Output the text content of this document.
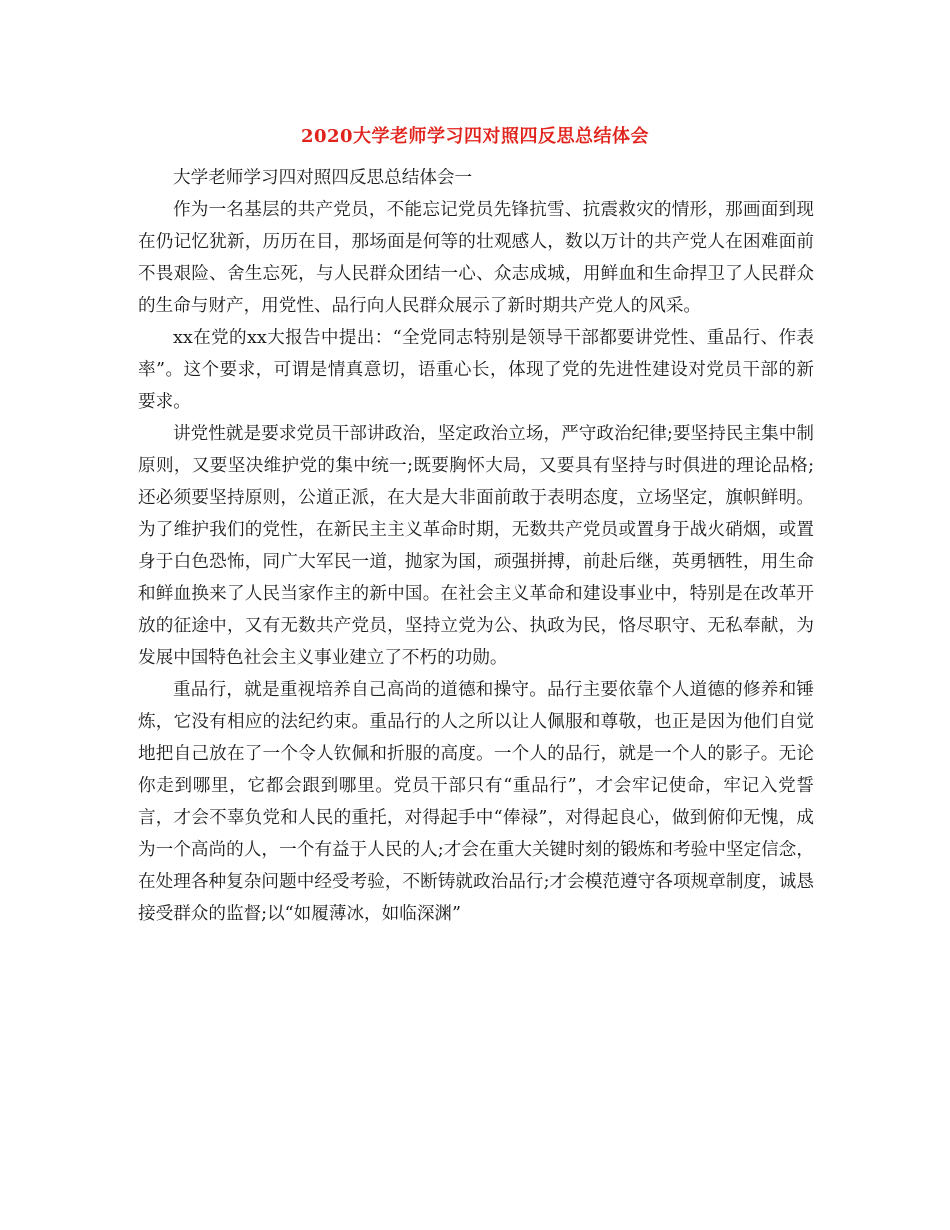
2020大学老师学习四对照四反思总结体会

大学老师学习四对照四反思总结体会一

作为一名基层的共产党员，不能忘记党员先锋抗雪、抗震救灾的情形，那画面到现在仍记忆犹新，历历在目，那场面是何等的壮观感人，数以万计的共产党人在困难面前不畏艰险、舍生忘死，与人民群众团结一心、众志成城，用鲜血和生命捍卫了人民群众的生命与财产，用党性、品行向人民群众展示了新时期共产党人的风采。

xx在党的xx大报告中提出：“全党同志特别是领导干部都要讲党性、重品行、作表率”。这个要求，可谓是情真意切，语重心长，体现了党的先进性建设对党员干部的新要求。

讲党性就是要求党员干部讲政治，坚定政治立场，严守政治纪律;要坚持民主集中制原则，又要坚决维护党的集中统一;既要胸怀大局，又要具有坚持与时俱进的理论品格;还必须要坚持原则，公道正派，在大是大非面前敢于表明态度，立场坚定，旗帜鲜明。为了维护我们的党性，在新民主主义革命时期，无数共产党员或置身于战火硝烟，或置身于白色恐怖，同广大军民一道，抛家为国，顽强拼搏，前赴后继，英勇牺牲，用生命和鲜血换来了人民当家作主的新中国。在社会主义革命和建设事业中，特别是在改革开放的征途中，又有无数共产党员，坚持立党为公、执政为民，恪尽职守、无私奉献，为发展中国特色社会主义事业建立了不朽的功勋。

重品行，就是重视培养自己高尚的道德和操守。品行主要依靠个人道德的修养和锤炼，它没有相应的法纪约束。重品行的人之所以让人佩服和尊敬，也正是因为他们自觉地把自己放在了一个令人钦佩和折服的高度。一个人的品行，就是一个人的影子。无论你走到哪里，它都会跟到哪里。党员干部只有“重品行”，才会牢记使命，牢记入党誓言，才会不辜负党和人民的重托，对得起手中“俸禄”，对得起良心，做到俯仰无愧，成为一个高尚的人，一个有益于人民的人;才会在重大关键时刻的锻炼和考验中坚定信念，在处理各种复杂问题中经受考验，不断铸就政治品行;才会模范遵守各项规章制度，诚恳接受群众的监督;以“如履薄冰，如临深渊”
